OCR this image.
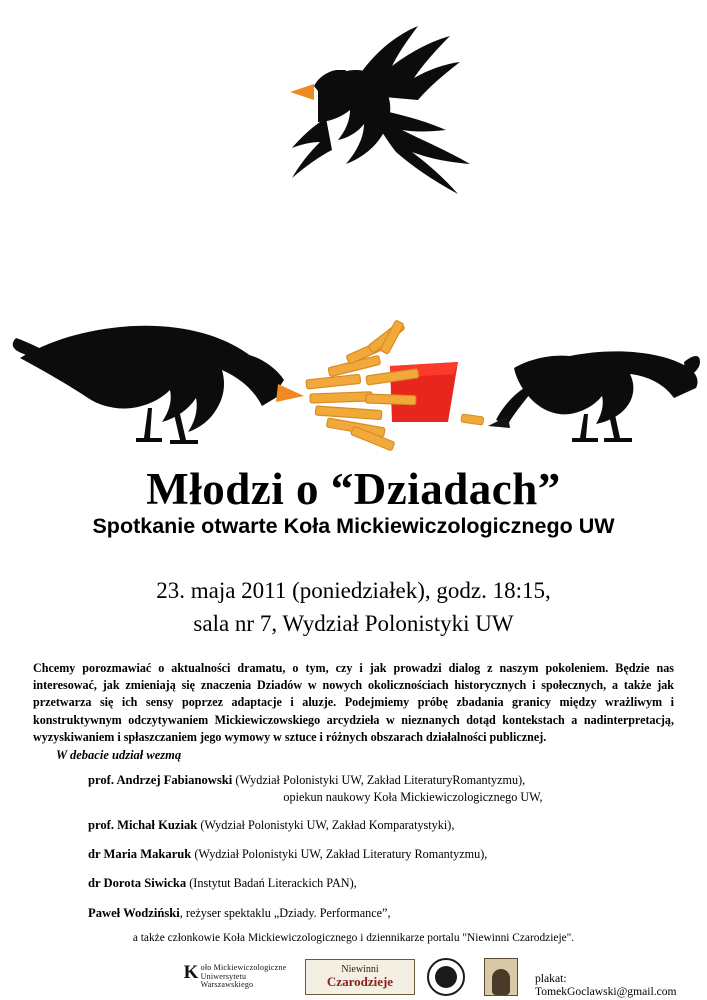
Młodzi o “Dziadach”
Spotkanie otwarte Koła Mickiewiczologicznego UW
23. maja 2011 (poniedziałek), godz. 18:15,
sala nr 7, Wydział Polonistyki UW
Chcemy porozmawiać o aktualności dramatu, o tym, czy i jak prowadzi dialog z naszym pokoleniem. Będzie nas interesować, jak zmieniają się znaczenia Dziadów w nowych okolicznościach historycznych i społecznych, a także jak przetwarza się ich sensy poprzez adaptacje i aluzje. Podejmiemy próbę zbadania granicy między wrażliwym i konstruktywnym odczytywaniem Mickiewiczowskiego arcydzieła w nieznanych dotąd kontekstach a nadinterpretacją, wyzyskiwaniem i spłaszczaniem jego wymowy w sztuce i różnych obszarach działalności publicznej.
W debacie udział wezmą
prof. Andrzej Fabianowski (Wydział Polonistyki UW, Zakład LiteraturyRomantyzmu),
opiekun naukowy Koła Mickiewiczologicznego UW,
prof. Michał Kuziak (Wydział Polonistyki UW, Zakład Komparatystyki),
dr Maria Makaruk (Wydział Polonistyki UW, Zakład Literatury Romantyzmu),
dr Dorota Siwicka (Instytut Badań Literackich PAN),
Paweł Wodziński, reżyser spektaklu „Dziady. Performance”,
a także członkowie Koła Mickiewiczologicznego i dziennikarze portalu "Niewinni Czarodzieje".
K oło Mickiewiczologiczne
Uniwersytetu Warszawskiego
Niewinni
Czarodzieje	plakat: TomekGoclawski@gmail.com
